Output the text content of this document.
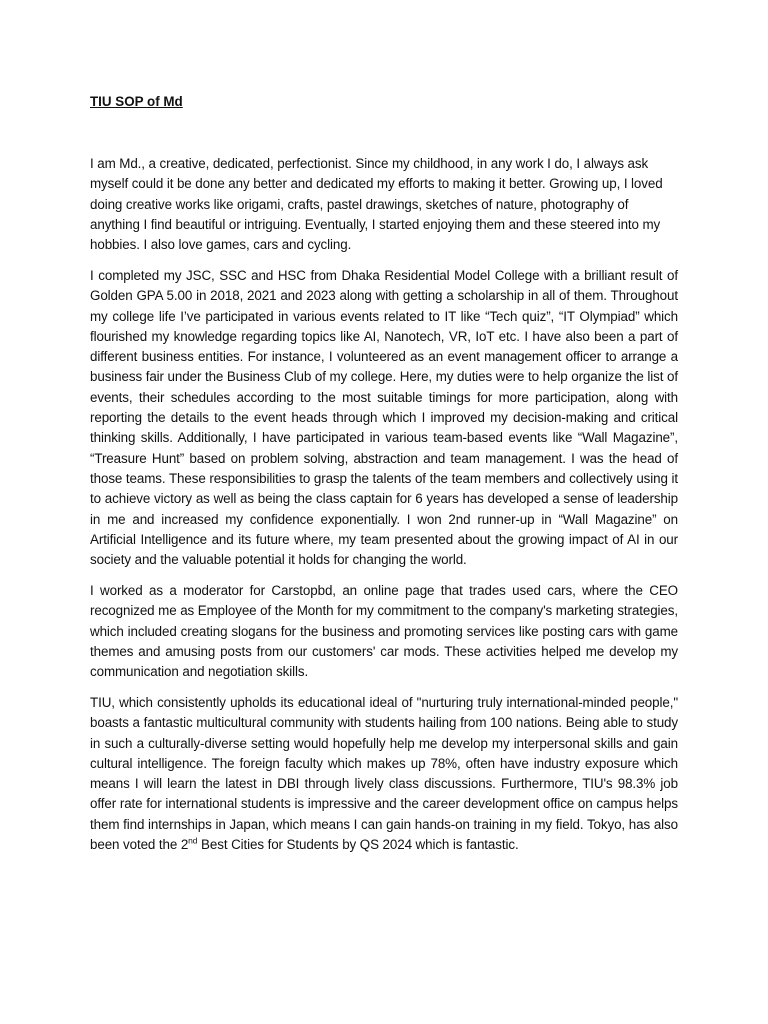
TIU SOP of Md

I am Md., a creative, dedicated, perfectionist. Since my childhood, in any work I do, I always ask myself could it be done any better and dedicated my efforts to making it better. Growing up, I loved doing creative works like origami, crafts, pastel drawings, sketches of nature, photography of anything I find beautiful or intriguing. Eventually, I started enjoying them and these steered into my hobbies. I also love games, cars and cycling.

I completed my JSC, SSC and HSC from Dhaka Residential Model College with a brilliant result of Golden GPA 5.00 in 2018, 2021 and 2023 along with getting a scholarship in all of them. Throughout my college life I’ve participated in various events related to IT like “Tech quiz”, “IT Olympiad” which flourished my knowledge regarding topics like AI, Nanotech, VR, IoT etc. I have also been a part of different business entities. For instance, I volunteered as an event management officer to arrange a business fair under the Business Club of my college. Here, my duties were to help organize the list of events, their schedules according to the most suitable timings for more participation, along with reporting the details to the event heads through which I improved my decision-making and critical thinking skills. Additionally, I have participated in various team-based events like “Wall Magazine”, “Treasure Hunt” based on problem solving, abstraction and team management. I was the head of those teams. These responsibilities to grasp the talents of the team members and collectively using it to achieve victory as well as being the class captain for 6 years has developed a sense of leadership in me and increased my confidence exponentially. I won 2nd runner-up in “Wall Magazine” on Artificial Intelligence and its future where, my team presented about the growing impact of AI in our society and the valuable potential it holds for changing the world.

I worked as a moderator for Carstopbd, an online page that trades used cars, where the CEO recognized me as Employee of the Month for my commitment to the company's marketing strategies, which included creating slogans for the business and promoting services like posting cars with game themes and amusing posts from our customers' car mods. These activities helped me develop my communication and negotiation skills.

TIU, which consistently upholds its educational ideal of "nurturing truly international-minded people," boasts a fantastic multicultural community with students hailing from 100 nations. Being able to study in such a culturally-diverse setting would hopefully help me develop my interpersonal skills and gain cultural intelligence. The foreign faculty which makes up 78%, often have industry exposure which means I will learn the latest in DBI through lively class discussions. Furthermore, TIU's 98.3% job offer rate for international students is impressive and the career development office on campus helps them find internships in Japan, which means I can gain hands-on training in my field. Tokyo, has also been voted the 2nd Best Cities for Students by QS 2024 which is fantastic.
